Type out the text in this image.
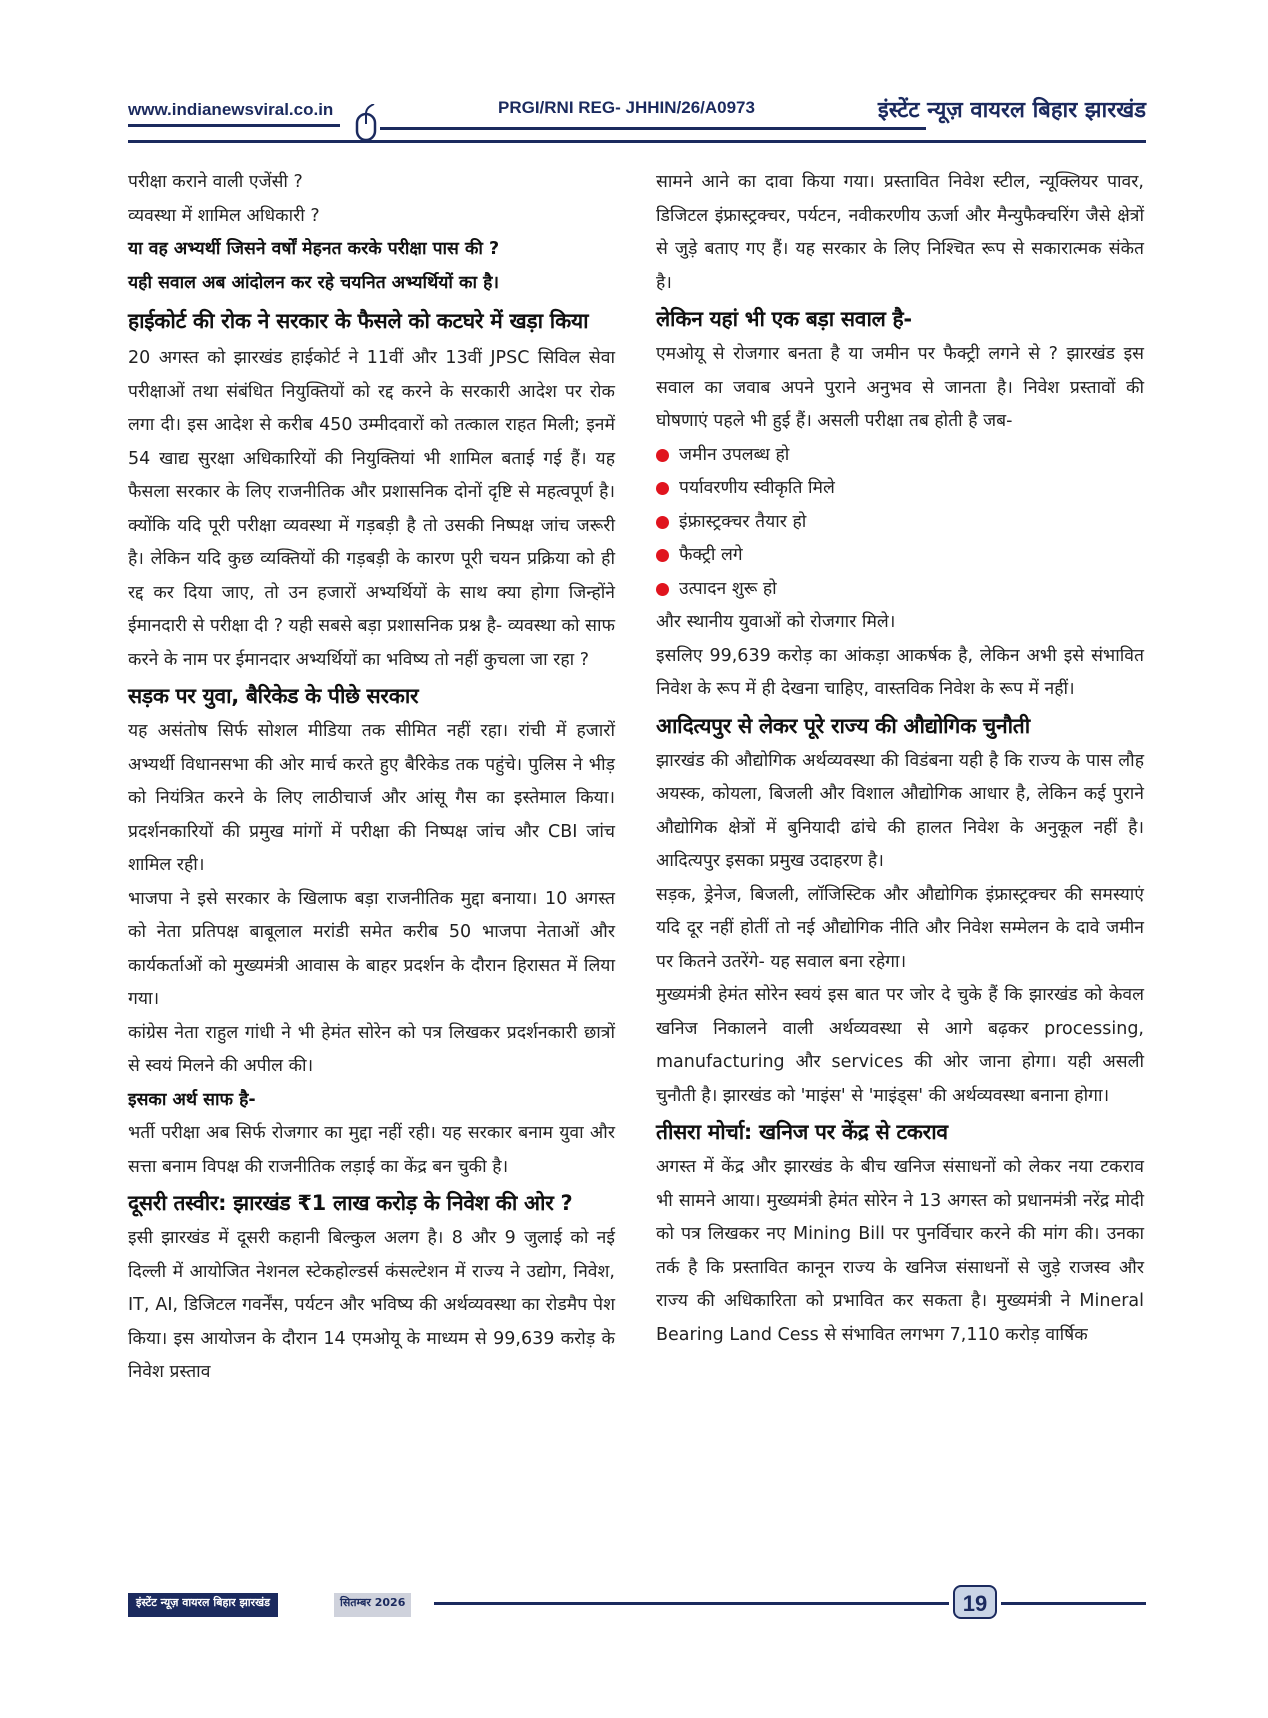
www.indianewsviral.co.in	PRGI/RNI REG- JHHIN/26/A0973	इंस्टेंट न्यूज़ वायरल बिहार झारखंड

परीक्षा कराने वाली एजेंसी ?

व्यवस्था में शामिल अधिकारी ?

या वह अभ्यर्थी जिसने वर्षों मेहनत करके परीक्षा पास की ?

यही सवाल अब आंदोलन कर रहे चयनित अभ्यर्थियों का है।

हाईकोर्ट की रोक ने सरकार के फैसले को कटघरे में खड़ा किया

20 अगस्त को झारखंड हाईकोर्ट ने 11वीं और 13वीं JPSC सिविल सेवा परीक्षाओं तथा संबंधित नियुक्तियों को रद्द करने के सरकारी आदेश पर रोक लगा दी। इस आदेश से करीब 450 उम्मीदवारों को तत्काल राहत मिली; इनमें 54 खाद्य सुरक्षा अधिकारियों की नियुक्तियां भी शामिल बताई गई हैं। यह फैसला सरकार के लिए राजनीतिक और प्रशासनिक दोनों दृष्टि से महत्वपूर्ण है। क्योंकि यदि पूरी परीक्षा व्यवस्था में गड़बड़ी है तो उसकी निष्पक्ष जांच जरूरी है। लेकिन यदि कुछ व्यक्तियों की गड़बड़ी के कारण पूरी चयन प्रक्रिया को ही रद्द कर दिया जाए, तो उन हजारों अभ्यर्थियों के साथ क्या होगा जिन्होंने ईमानदारी से परीक्षा दी ? यही सबसे बड़ा प्रशासनिक प्रश्न है- व्यवस्था को साफ करने के नाम पर ईमानदार अभ्यर्थियों का भविष्य तो नहीं कुचला जा रहा ?

सड़क पर युवा, बैरिकेड के पीछे सरकार

यह असंतोष सिर्फ सोशल मीडिया तक सीमित नहीं रहा। रांची में हजारों अभ्यर्थी विधानसभा की ओर मार्च करते हुए बैरिकेड तक पहुंचे। पुलिस ने भीड़ को नियंत्रित करने के लिए लाठीचार्ज और आंसू गैस का इस्तेमाल किया। प्रदर्शनकारियों की प्रमुख मांगों में परीक्षा की निष्पक्ष जांच और CBI जांच शामिल रही।

भाजपा ने इसे सरकार के खिलाफ बड़ा राजनीतिक मुद्दा बनाया। 10 अगस्त को नेता प्रतिपक्ष बाबूलाल मरांडी समेत करीब 50 भाजपा नेताओं और कार्यकर्ताओं को मुख्यमंत्री आवास के बाहर प्रदर्शन के दौरान हिरासत में लिया गया।

कांग्रेस नेता राहुल गांधी ने भी हेमंत सोरेन को पत्र लिखकर प्रदर्शनकारी छात्रों से स्वयं मिलने की अपील की।

इसका अर्थ साफ है-

भर्ती परीक्षा अब सिर्फ रोजगार का मुद्दा नहीं रही। यह सरकार बनाम युवा और सत्ता बनाम विपक्ष की राजनीतिक लड़ाई का केंद्र बन चुकी है।

दूसरी तस्वीर: झारखंड ₹1 लाख करोड़ के निवेश की ओर ?

इसी झारखंड में दूसरी कहानी बिल्कुल अलग है। 8 और 9 जुलाई को नई दिल्ली में आयोजित नेशनल स्टेकहोल्डर्स कंसल्टेशन में राज्य ने उद्योग, निवेश, IT, AI, डिजिटल गवर्नेंस, पर्यटन और भविष्य की अर्थव्यवस्था का रोडमैप पेश किया। इस आयोजन के दौरान 14 एमओयू के माध्यम से 99,639 करोड़ के निवेश प्रस्ताव

सामने आने का दावा किया गया। प्रस्तावित निवेश स्टील, न्यूक्लियर पावर, डिजिटल इंफ्रास्ट्रक्चर, पर्यटन, नवीकरणीय ऊर्जा और मैन्युफैक्चरिंग जैसे क्षेत्रों से जुड़े बताए गए हैं। यह सरकार के लिए निश्चित रूप से सकारात्मक संकेत है।

लेकिन यहां भी एक बड़ा सवाल है-

एमओयू से रोजगार बनता है या जमीन पर फैक्ट्री लगने से ? झारखंड इस सवाल का जवाब अपने पुराने अनुभव से जानता है। निवेश प्रस्तावों की घोषणाएं पहले भी हुई हैं। असली परीक्षा तब होती है जब-

जमीन उपलब्ध हो
पर्यावरणीय स्वीकृति मिले
इंफ्रास्ट्रक्चर तैयार हो
फैक्ट्री लगे
उत्पादन शुरू हो

और स्थानीय युवाओं को रोजगार मिले।

इसलिए 99,639 करोड़ का आंकड़ा आकर्षक है, लेकिन अभी इसे संभावित निवेश के रूप में ही देखना चाहिए, वास्तविक निवेश के रूप में नहीं।

आदित्यपुर से लेकर पूरे राज्य की औद्योगिक चुनौती

झारखंड की औद्योगिक अर्थव्यवस्था की विडंबना यही है कि राज्य के पास लौह अयस्क, कोयला, बिजली और विशाल औद्योगिक आधार है, लेकिन कई पुराने औद्योगिक क्षेत्रों में बुनियादी ढांचे की हालत निवेश के अनुकूल नहीं है। आदित्यपुर इसका प्रमुख उदाहरण है।

सड़क, ड्रेनेज, बिजली, लॉजिस्टिक और औद्योगिक इंफ्रास्ट्रक्चर की समस्याएं यदि दूर नहीं होतीं तो नई औद्योगिक नीति और निवेश सम्मेलन के दावे जमीन पर कितने उतरेंगे- यह सवाल बना रहेगा।

मुख्यमंत्री हेमंत सोरेन स्वयं इस बात पर जोर दे चुके हैं कि झारखंड को केवल खनिज निकालने वाली अर्थव्यवस्था से आगे बढ़कर processing, manufacturing और services की ओर जाना होगा। यही असली चुनौती है। झारखंड को 'माइंस' से 'माइंड्स' की अर्थव्यवस्था बनाना होगा।

तीसरा मोर्चा: खनिज पर केंद्र से टकराव

अगस्त में केंद्र और झारखंड के बीच खनिज संसाधनों को लेकर नया टकराव भी सामने आया। मुख्यमंत्री हेमंत सोरेन ने 13 अगस्त को प्रधानमंत्री नरेंद्र मोदी को पत्र लिखकर नए Mining Bill पर पुनर्विचार करने की मांग की। उनका तर्क है कि प्रस्तावित कानून राज्य के खनिज संसाधनों से जुड़े राजस्व और राज्य की अधिकारिता को प्रभावित कर सकता है। मुख्यमंत्री ने Mineral Bearing Land Cess से संभावित लगभग 7,110 करोड़ वार्षिक

इंस्टेंट न्यूज़ वायरल बिहार झारखंड	सितम्बर 2026	19
